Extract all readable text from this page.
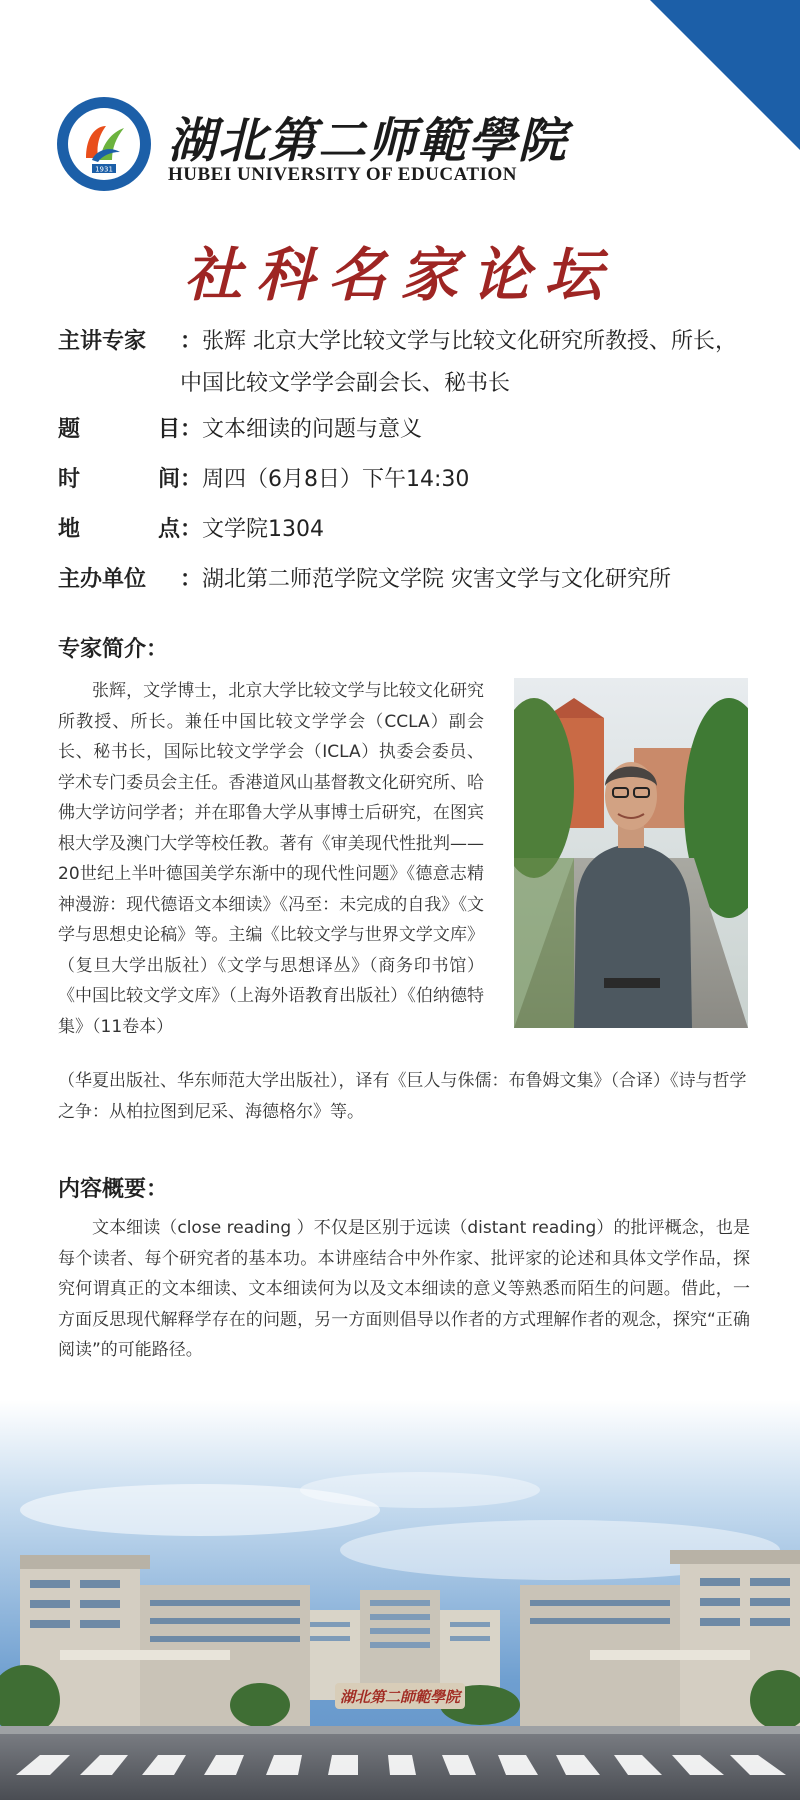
1931
湖北第二师範學院
HUBEI UNIVERSITY OF EDUCATION
社科名家论坛
主讲专家	： 张辉 北京大学比较文学与比较文化研究所教授、所长，
中国比较文学学会副会长、秘书长
题	目 ： 文本细读的问题与意义
时	间 ： 周四（6月8日）下午14:30
地	点 ： 文学院1304
主办单位	： 湖北第二师范学院文学院 灾害文学与文化研究所
专家简介：
张辉，文学博士，北京大学比较文学与比较文化研究所教授、所长。兼任中国比较文学学会（CCLA）副会长、秘书长，国际比较文学学会（ICLA）执委会委员、学术专门委员会主任。香港道风山基督教文化研究所、哈佛大学访问学者；并在耶鲁大学从事博士后研究，在图宾根大学及澳门大学等校任教。著有《审美现代性批判——20世纪上半叶德国美学东渐中的现代性问题》《德意志精神漫游：现代德语文本细读》《冯至：未完成的自我》《文学与思想史论稿》等。主编《比较文学与世界文学文库》（复旦大学出版社）《文学与思想译丛》（商务印书馆）《中国比较文学文库》（上海外语教育出版社）《伯纳德特集》（11卷本）
（华夏出版社、华东师范大学出版社），译有《巨人与侏儒：布鲁姆文集》（合译）《诗与哲学之争：从柏拉图到尼采、海德格尔》等。
内容概要：
文本细读（close reading ）不仅是区别于远读（distant reading）的批评概念，也是每个读者、每个研究者的基本功。本讲座结合中外作家、批评家的论述和具体文学作品，探究何谓真正的文本细读、文本细读何为以及文本细读的意义等熟悉而陌生的问题。借此，一方面反思现代解释学存在的问题，另一方面则倡导以作者的方式理解作者的观念，探究“正确阅读”的可能路径。
湖北第二師範學院
